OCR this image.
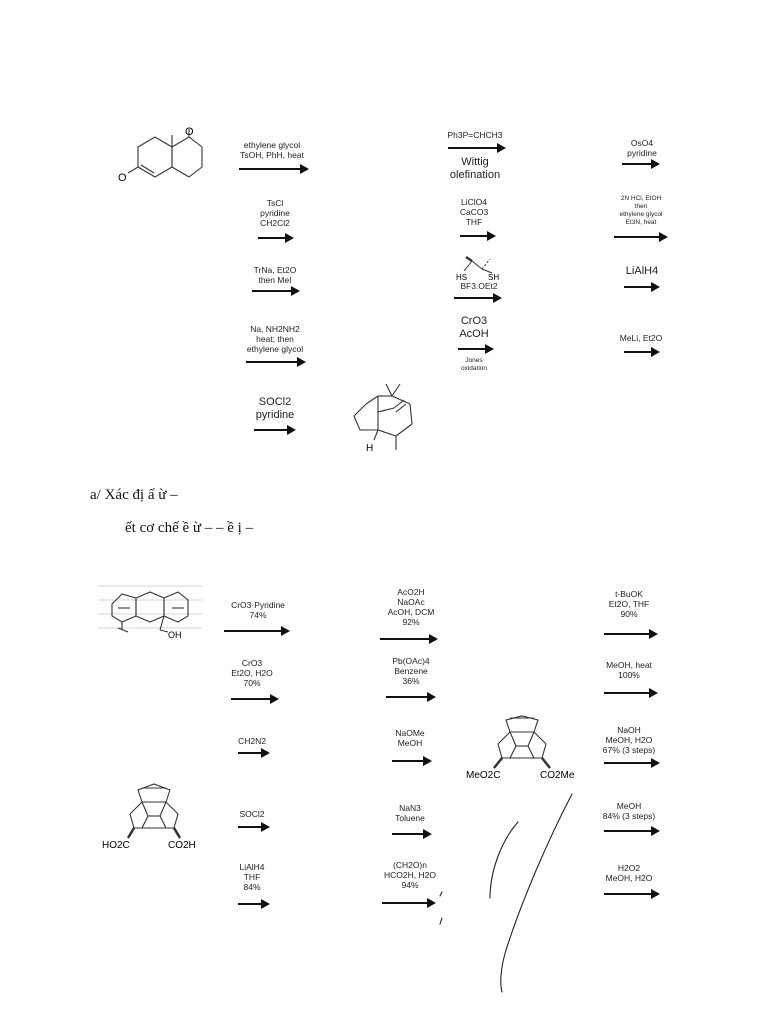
O
O
ethylene glycol
TsOH, PhH, heat
Ph3P=CHCH3
Wittig
olefination
OsO4
pyridine
TsCl
pyridine
CH2Cl2
LiClO4
CaCO3
THF
2N HCl, EtOH
then
ethylene glycol
Et3N, heat
TrNa, Et2O
then MeI	HS	SH
BF3.OEt2
LiAlH4
Na, NH2NH2
heat; then
ethylene glycol
CrO3
AcOH
Jones
oxidation
MeLi, Et2O
SOCl2
pyridine
H
a/ Xác đị ấ ừ –
ết cơ chế ề ừ – – ề ị –
OH
CrO3·Pyridine
74%
CrO3
Et2O, H2O
70%
CH2N2
SOCl2
LiAlH4
THF
84%
AcO2H
NaOAc
AcOH, DCM
92%
Pb(OAc)4
Benzene
36%
NaOMe
MeOH
NaN3
Toluene
(CH2O)n
HCO2H, H2O
94%
t-BuOK
Et2O, THF
90%
MeOH, heat
100%
NaOH
MeOH, H2O
67% (3 steps)
MeOH
84% (3 steps)
H2O2
MeOH, H2O
MeO2C	CO2Me
HO2C	CO2H
